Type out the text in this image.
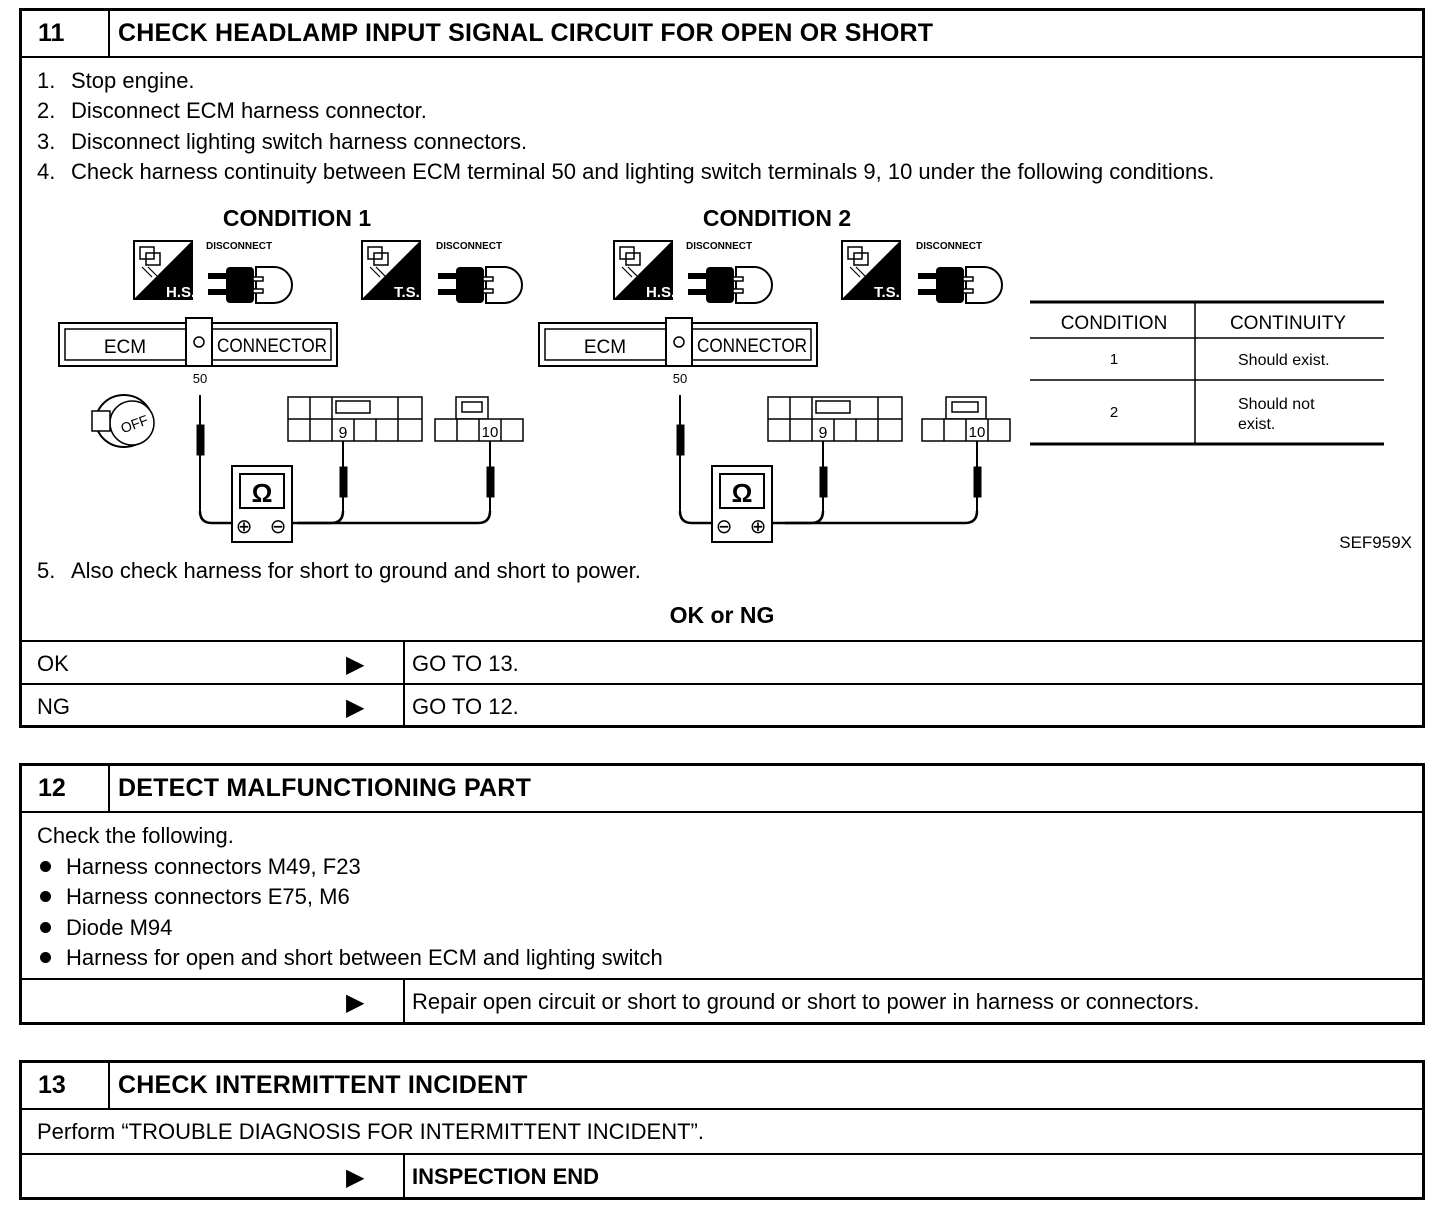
11	CHECK HEADLAMP INPUT SIGNAL CIRCUIT FOR OPEN OR SHORT
1. Stop engine.
2. Disconnect ECM harness connector.
3. Disconnect lighting switch harness connectors.
4. Check harness continuity between ECM terminal 50 and lighting switch terminals 9, 10 under the following conditions.
CONDITION 1
H.S.
DISCONNECT
T.S.
DISCONNECT
ECM	CONNECTOR
50
OFF	9	10
Ω
⊕ ⊖
CONDITION 2
H.S.
DISCONNECT
T.S.
DISCONNECT
ECM	CONNECTOR
50
9	10
Ω
⊖ ⊕
CONDITION	CONTINUITY
1	Should exist.
2	Should not
exist.
SEF959X
5. Also check harness for short to ground and short to power.
OK or NG
OK	▶ GO TO 13.
NG	▶ GO TO 12.
12	DETECT MALFUNCTIONING PART
Check the following.
Harness connectors M49, F23
Harness connectors E75, M6
Diode M94
Harness for open and short between ECM and lighting switch
▶ Repair open circuit or short to ground or short to power in harness or connectors.
13	CHECK INTERMITTENT INCIDENT
Perform “TROUBLE DIAGNOSIS FOR INTERMITTENT INCIDENT”.
▶ INSPECTION END
